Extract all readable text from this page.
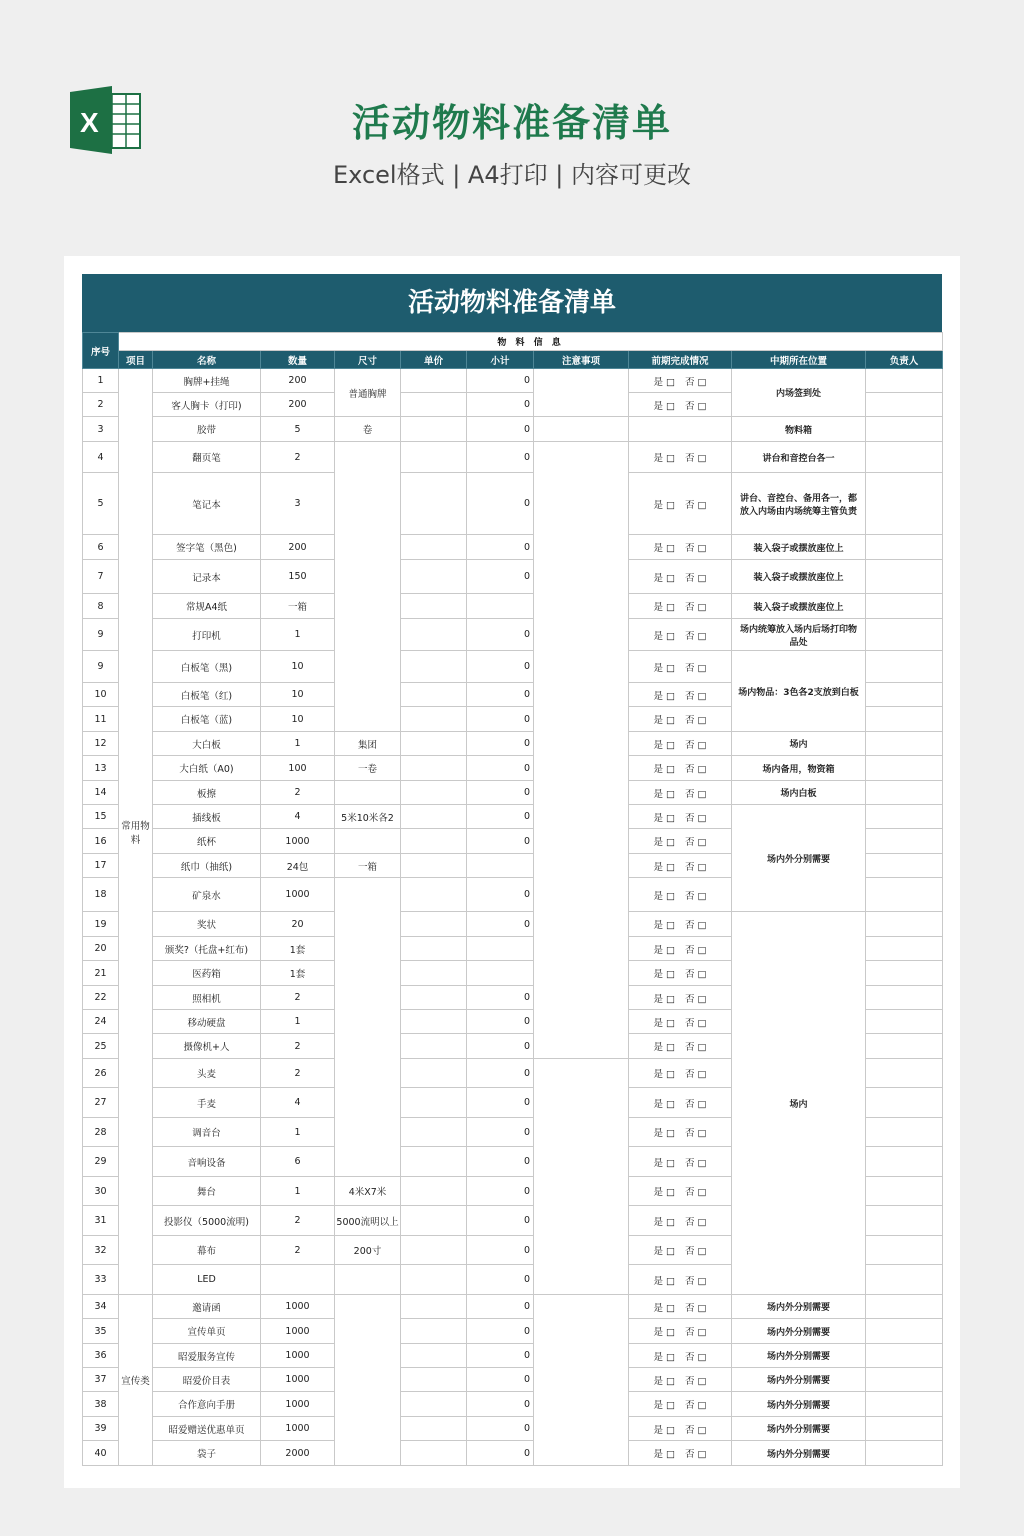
X	活动物料准备清单
Excel格式 | A4打印 | 内容可更改
活动物料准备清单
序号	物 料 信 息									
	项目	名称	数量	尺寸	单价	小计	注意事项	前期完成情况	中期所在位置	负责人
1	常用物料	胸牌+挂绳	200	普通胸牌		0		是 □ 否 □	内场签到处	
2		客人胸卡（打印)	200			0		是 □ 否 □		
3		胶带	5	卷		0			物料箱	
4		翻页笔	2			0		是 □ 否 □	讲台和音控台各一	
5		笔记本	3			0		是 □ 否 □	讲台、音控台、备用各一，都放入内场由内场统筹主管负责	
6		签字笔（黑色)	200			0		是 □ 否 □	装入袋子或摆放座位上	
7		记录本	150			0		是 □ 否 □	装入袋子或摆放座位上	
8		常规A4纸	一箱					是 □ 否 □	装入袋子或摆放座位上	
9		打印机	1			0		是 □ 否 □	场内统筹放入场内后场打印物品处	
9		白板笔（黑)	10			0		是 □ 否 □	场内物品：3色各2支放到白板	
10		白板笔（红)	10			0		是 □ 否 □		
11		白板笔（蓝)	10			0		是 □ 否 □		
12		大白板	1	集团		0		是 □ 否 □	场内	
13		大白纸（A0)	100	一卷		0		是 □ 否 □	场内备用，物资箱	
14		板擦	2			0		是 □ 否 □	场内白板	
15		插线板	4	5米10米各2		0		是 □ 否 □	场内外分别需要	
16		纸杯	1000			0		是 □ 否 □		
17		纸巾（抽纸)	24包	一箱				是 □ 否 □		
18		矿泉水	1000			0		是 □ 否 □		
19		奖状	20			0		是 □ 否 □	场内	
20		颁奖?（托盘+红布)	1套					是 □ 否 □		
21		医药箱	1套					是 □ 否 □		
22		照相机	2			0		是 □ 否 □		
24		移动硬盘	1			0		是 □ 否 □		
25		摄像机+人	2			0		是 □ 否 □		
26		头麦	2			0		是 □ 否 □		
27		手麦	4			0		是 □ 否 □		
28		调音台	1			0		是 □ 否 □		
29		音响设备	6			0		是 □ 否 □		
30		舞台	1	4米X7米		0		是 □ 否 □		
31		投影仪（5000流明)	2	5000流明以上		0		是 □ 否 □		
32		幕布	2	200寸		0		是 □ 否 □		
33		LED				0		是 □ 否 □		
34	宣传类	邀请函	1000			0		是 □ 否 □	场内外分别需要	
35		宣传单页	1000			0		是 □ 否 □	场内外分别需要	
36		昭爱服务宣传	1000			0		是 □ 否 □	场内外分别需要	
37		昭爱价目表	1000			0		是 □ 否 □	场内外分别需要	
38		合作意向手册	1000			0		是 □ 否 □	场内外分别需要	
39		昭爱赠送优惠单页	1000			0		是 □ 否 □	场内外分别需要	
40		袋子	2000			0		是 □ 否 □	场内外分别需要	
